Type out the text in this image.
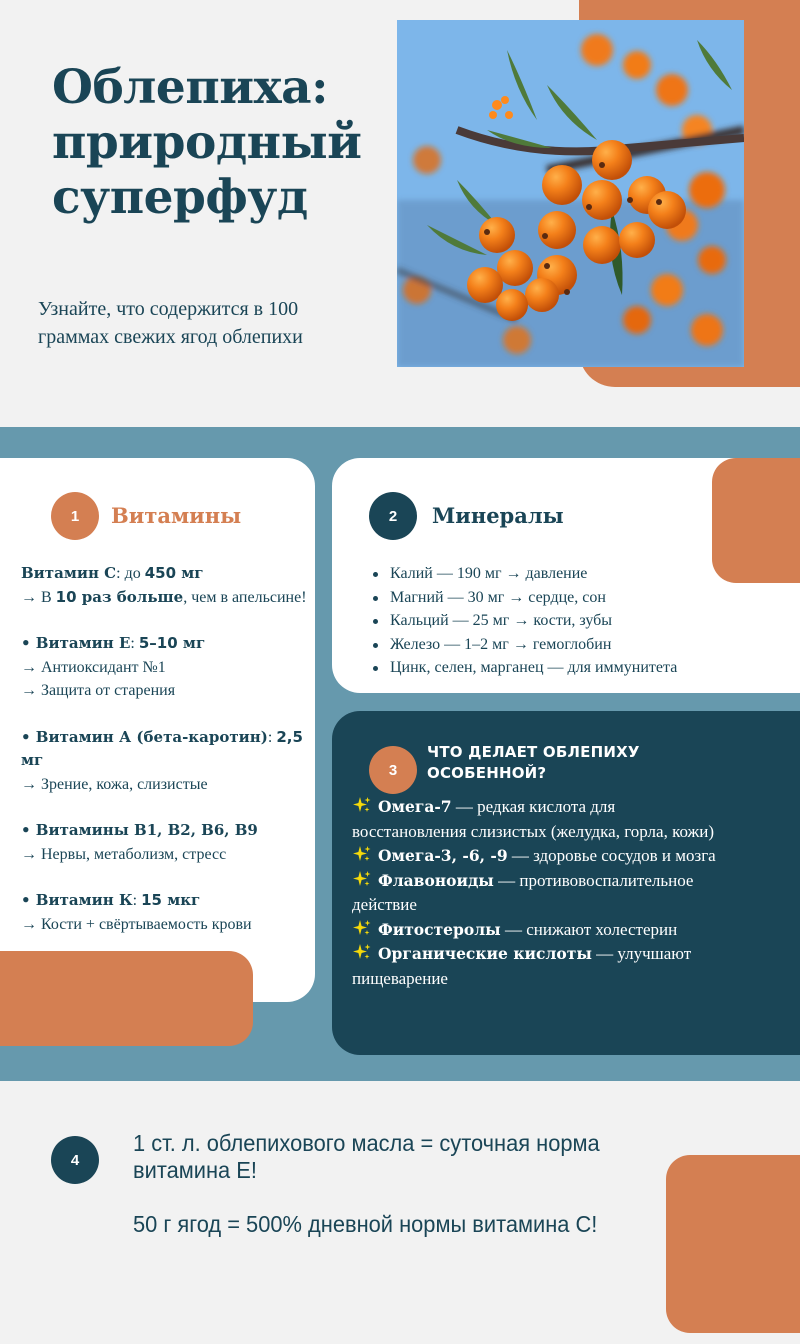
Облепиха:
природный
суперфуд
Узнайте, что содержится в 100 граммах свежих ягод облепихи
1	Витамины
Витамин С: до 450 мг
→ В 10 раз больше, чем в апельсине!
• Витамин Е: 5–10 мг
→ Антиоксидант №1
→ Защита от старения
• Витамин А (бета-каротин): 2,5 мг
→ Зрение, кожа, слизистые
• Витамины В1, В2, В6, В9
→ Нервы, метаболизм, стресс
• Витамин К: 15 мкг
→ Кости + свёртываемость крови
2	Минералы
Калий — 190 мг → давление
Магний — 30 мг → сердце, сон
Кальций — 25 мг → кости, зубы
Железо — 1–2 мг → гемоглобин
Цинк, селен, марганец — для иммунитета
3
ЧТО ДЕЛАЕТ ОБЛЕПИХУ ОСОБЕННОЙ?
Омега-7 — редкая кислота для восстановления слизистых (желудка, горла, кожи)
Омега-3, -6, -9 — здоровье сосудов и мозга
Флавоноиды — противовоспалительное действие
Фитостеролы — снижают холестерин
Органические кислоты — улучшают пищеварение
4

1 ст. л. облепихового масла = суточная норма витамина Е!

50 г ягод = 500% дневной нормы витамина С!
